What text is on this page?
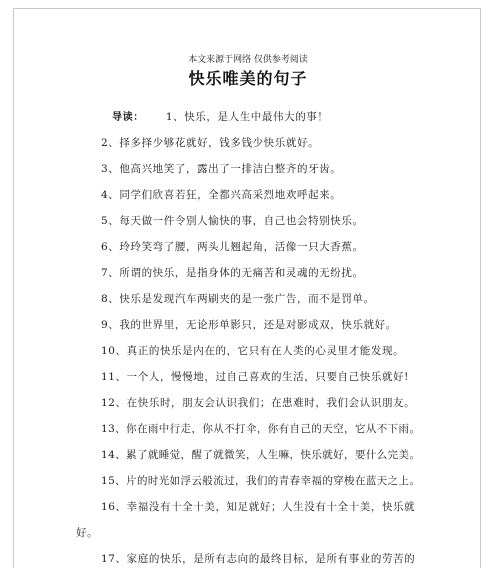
本文来源于网络 仅供参考阅读
快乐唯美的句子
导读： 1、快乐，是人生中最伟大的事！
2、择多择少够花就好，钱多钱少快乐就好。
3、他高兴地笑了，露出了一排洁白整齐的牙齿。
4、同学们欣喜若狂，全都兴高采烈地欢呼起来。
5、每天做一件令别人愉快的事，自己也会特别快乐。
6、玲玲笑弯了腰，两头儿翘起角，活像一只大香蕉。
7、所谓的快乐，是指身体的无痛苦和灵魂的无纷扰。
8、快乐是发现汽车两刷夹的是一张广告，而不是罚单。
9、我的世界里，无论形单影只，还是对影成双，快乐就好。
10、真正的快乐是内在的，它只有在人类的心灵里才能发现。
11、一个人，慢慢地，过自己喜欢的生活，只要自己快乐就好!
12、在快乐时，朋友会认识我们；在患难时，我们会认识朋友。
13、你在雨中行走，你从不打伞，你有自己的天空，它从不下雨。
14、累了就睡觉，醒了就微笑，人生嘛，快乐就好，要什么完美。
15、片的时光如浮云般流过，我们的青春幸福的穿梭在蓝天之上。
16、幸福没有十全十美，知足就好；人生没有十全十美，快乐就
好。
17、家庭的快乐，是所有志向的最终目标，是所有事业的劳苦的
